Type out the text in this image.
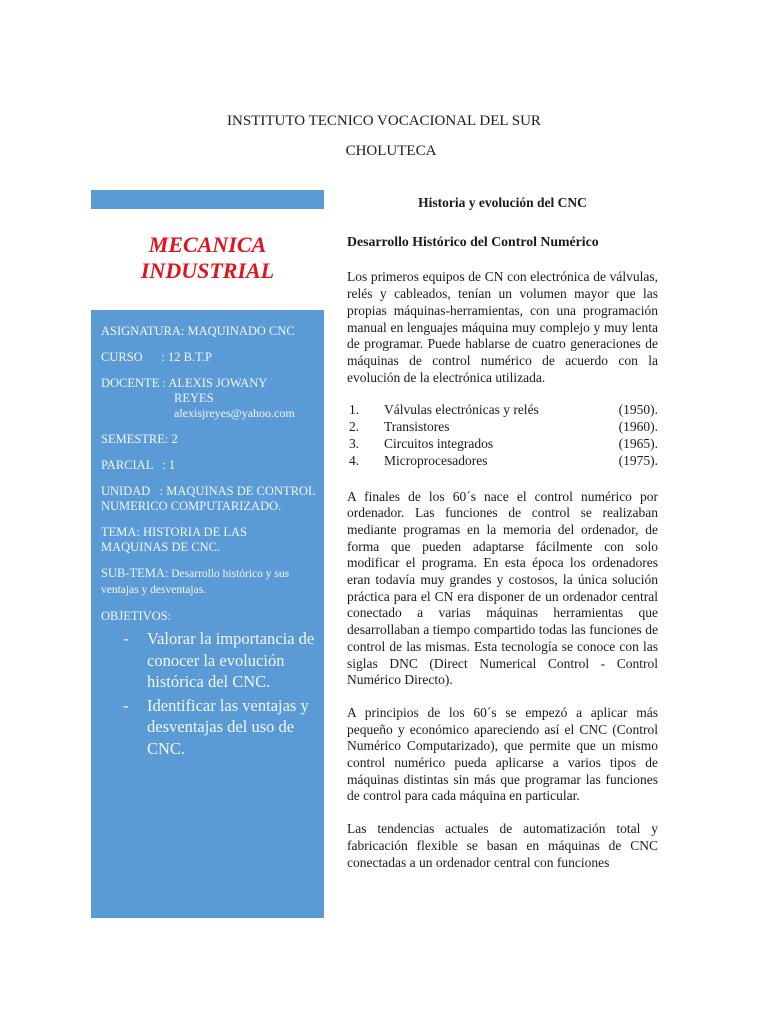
INSTITUTO TECNICO VOCACIONAL DEL SUR
CHOLUTECA
MECANICA
INDUSTRIAL

ASIGNATURA: MAQUINADO CNC

CURSO      : 12 B.T.P

DOCENTE : ALEXIS JOWANY
REYES
alexisjreyes@yahoo.com

SEMESTRE: 2

PARCIAL   : 1

UNIDAD   : MAQUINAS DE CONTROL NUMERICO COMPUTARIZADO.

TEMA: HISTORIA DE LAS MAQUINAS DE CNC.

SUB-TEMA: Desarrollo histórico y sus ventajas y desventajas.

OBJETIVOS:

- Valorar la importancia de conocer la evolución histórica del CNC.
- Identificar las ventajas y desventajas del uso de CNC.
Historia y evolución del CNC
Desarrollo Histórico del Control Numérico

Los primeros equipos de CN con electrónica de válvulas, relés y cableados, tenían un volumen mayor que las propias máquinas-herramientas, con una programación manual en lenguajes máquina muy complejo y muy lenta de programar. Puede hablarse de cuatro generaciones de máquinas de control numérico de acuerdo con la evolución de la electrónica utilizada.

1. Válvulas electrónicas y relés	(1950).
2. Transistores	(1960).
3. Circuitos integrados	(1965).
4. Microprocesadores	(1975).

A finales de los 60´s nace el control numérico por ordenador. Las funciones de control se realizaban mediante programas en la memoria del ordenador, de forma que pueden adaptarse fácilmente con solo modificar el programa. En esta época los ordenadores eran todavía muy grandes y costosos, la única solución práctica para el CN era disponer de un ordenador central conectado a varias máquinas herramientas que desarrollaban a tiempo compartido todas las funciones de control de las mismas. Esta tecnología se conoce con las siglas DNC (Direct Numerical Control - Control Numérico Directo).

A principios de los 60´s se empezó a aplicar más pequeño y económico apareciendo así el CNC (Control Numérico Computarizado), que permite que un mismo control numérico pueda aplicarse a varios tipos de máquinas distintas sin más que programar las funciones de control para cada máquina en particular.

Las tendencias actuales de automatización total y fabricación flexible se basan en máquinas de CNC conectadas a un ordenador central con funciones
